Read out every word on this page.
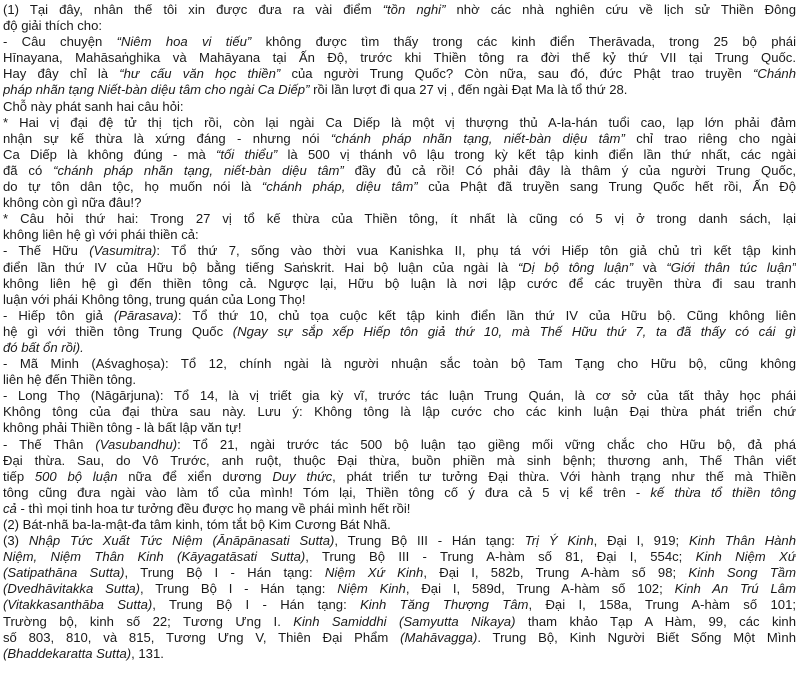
(1) Tại đây, nhân thế tôi xin được đưa ra vài điểm “tồn nghi” nhờ các nhà nghiên cứu về lịch sử Thiền Đông
độ giải thích cho:
- Câu chuyện “Niêm hoa vi tiếu” không được tìm thấy trong các kinh điển Therāvada, trong 25 bộ phái
Hīnayana, Mahāsaṅghika và Mahāyana tại Ấn Độ, trước khi Thiền tông ra đời thế kỷ thứ VII tại Trung Quốc.
Hay đây chỉ là “hư cấu văn học thiền” của người Trung Quốc? Còn nữa, sau đó, đức Phật trao truyền “Chánh
pháp nhãn tạng Niết-bàn diệu tâm cho ngài Ca Diếp” rồi lần lượt đi qua 27 vị , đến ngài Đạt Ma là tổ thứ 28.
Chỗ này phát sanh hai câu hỏi:
* Hai vị đại đệ tử thị tịch rồi, còn lại ngài Ca Diếp là một vị thượng thủ A-la-hán tuổi cao, lạp lớn phải đảm
nhận sự kế thừa là xứng đáng - nhưng nói “chánh pháp nhãn tạng, niết-bàn diệu tâm” chỉ trao riêng cho ngài
Ca Diếp là không đúng - mà “tối thiểu” là 500 vị thánh vô lậu trong kỳ kết tập kinh điển lần thứ nhất, các ngài
đã có “chánh pháp nhãn tạng, niết-bàn diệu tâm” đầy đủ cả rồi! Có phải đây là thâm ý của người Trung Quốc,
do tự tôn dân tộc, họ muốn nói là “chánh pháp, diệu tâm” của Phật đã truyền sang Trung Quốc hết rồi, Ấn Độ
không còn gì nữa đâu!?
* Câu hỏi thứ hai: Trong 27 vị tổ kế thừa của Thiền tông, ít nhất là cũng có 5 vị ở trong danh sách, lại
không liên hệ gì với phái thiền cả:
- Thế Hữu (Vasumitra): Tổ thứ 7, sống vào thời vua Kanishka II, phụ tá với Hiếp tôn giả chủ trì kết tập kinh
điển lần thứ IV của Hữu bộ bằng tiếng Saṅskrit. Hai bộ luận của ngài là “Dị bộ tông luận” và “Giới thân túc luận”
không liên hệ gì đến thiền tông cả. Ngược lại, Hữu bộ luận là nơi lập cước để các truyền thừa đi sau tranh
luận với phái Không tông, trung quán của Long Thọ!
- Hiếp tôn giả (Pārasava): Tổ thứ 10, chủ tọa cuộc kết tập kinh điển lần thứ IV của Hữu bộ. Cũng không liên
hệ gì với thiền tông Trung Quốc (Ngay sự sắp xếp Hiếp tôn giả thứ 10, mà Thế Hữu thứ 7, ta đã thấy có cái gì
đó bất ổn rồi).
- Mã Minh (Aśvaghoṣa): Tổ 12, chính ngài là người nhuận sắc toàn bộ Tam Tạng cho Hữu bộ, cũng không
liên hệ đến Thiền tông.
- Long Thọ (Nāgārjuna): Tổ 14, là vị triết gia kỳ vĩ, trước tác luận Trung Quán, là cơ sở của tất thảy học phái
Không tông của đại thừa sau này. Lưu ý: Không tông là lập cước cho các kinh luận Đại thừa phát triển chứ
không phải Thiền tông - là bất lập văn tự!
- Thế Thân (Vasubandhu): Tổ 21, ngài trước tác 500 bộ luận tạo giềng mối vững chắc cho Hữu bộ, đả phá
Đại thừa. Sau, do Vô Trước, anh ruột, thuộc Đại thừa, buồn phiền mà sinh bệnh; thương anh, Thế Thân viết
tiếp 500 bộ luận nữa để xiển dương Duy thức, phát triển tư tưởng Đại thừa. Với hành trạng như thế mà Thiền
tông cũng đưa ngài vào làm tổ của mình! Tóm lại, Thiền tông cố ý đưa cả 5 vị kể trên - kế thừa tổ thiền tông
cả - thì mọi tinh hoa tư tưởng đều được họ mang về phái mình hết rồi!
(2) Bát-nhã ba-la-mật-đa tâm kinh, tóm tắt bộ Kim Cương Bát Nhã.
(3) Nhập Tức Xuất Tức Niệm (Ānāpānasati Sutta), Trung Bộ III - Hán tạng: Trị Ý Kinh, Đại I, 919; Kinh Thân Hành
Niệm, Niệm Thân Kinh (Kāyagatāsati Sutta), Trung Bộ III - Trung A-hàm số 81, Đại I, 554c; Kinh Niệm Xứ
(Satipathāna Sutta), Trung Bộ I - Hán tạng: Niệm Xứ Kinh, Đại I, 582b, Trung A-hàm số 98; Kinh Song Tầm
(Dvedhāvitakka Sutta), Trung Bộ I - Hán tạng: Niệm Kinh, Đại I, 589d, Trung A-hàm số 102; Kinh An Trú Lâm
(Vitakkasanthāba Sutta), Trung Bộ I - Hán tạng: Kinh Tăng Thượng Tâm, Đại I, 158a, Trung A-hàm số 101;
Trường bộ, kinh số 22; Tương Ưng I. Kinh Samiddhi (Samyutta Nikaya) tham khảo Tạp A Hàm, 99, các kinh
số 803, 810, và 815, Tương Ưng V, Thiên Đại Phẩm (Mahāvagga). Trung Bộ, Kinh Người Biết Sống Một Mình
(Bhaddekaratta Sutta), 131.
